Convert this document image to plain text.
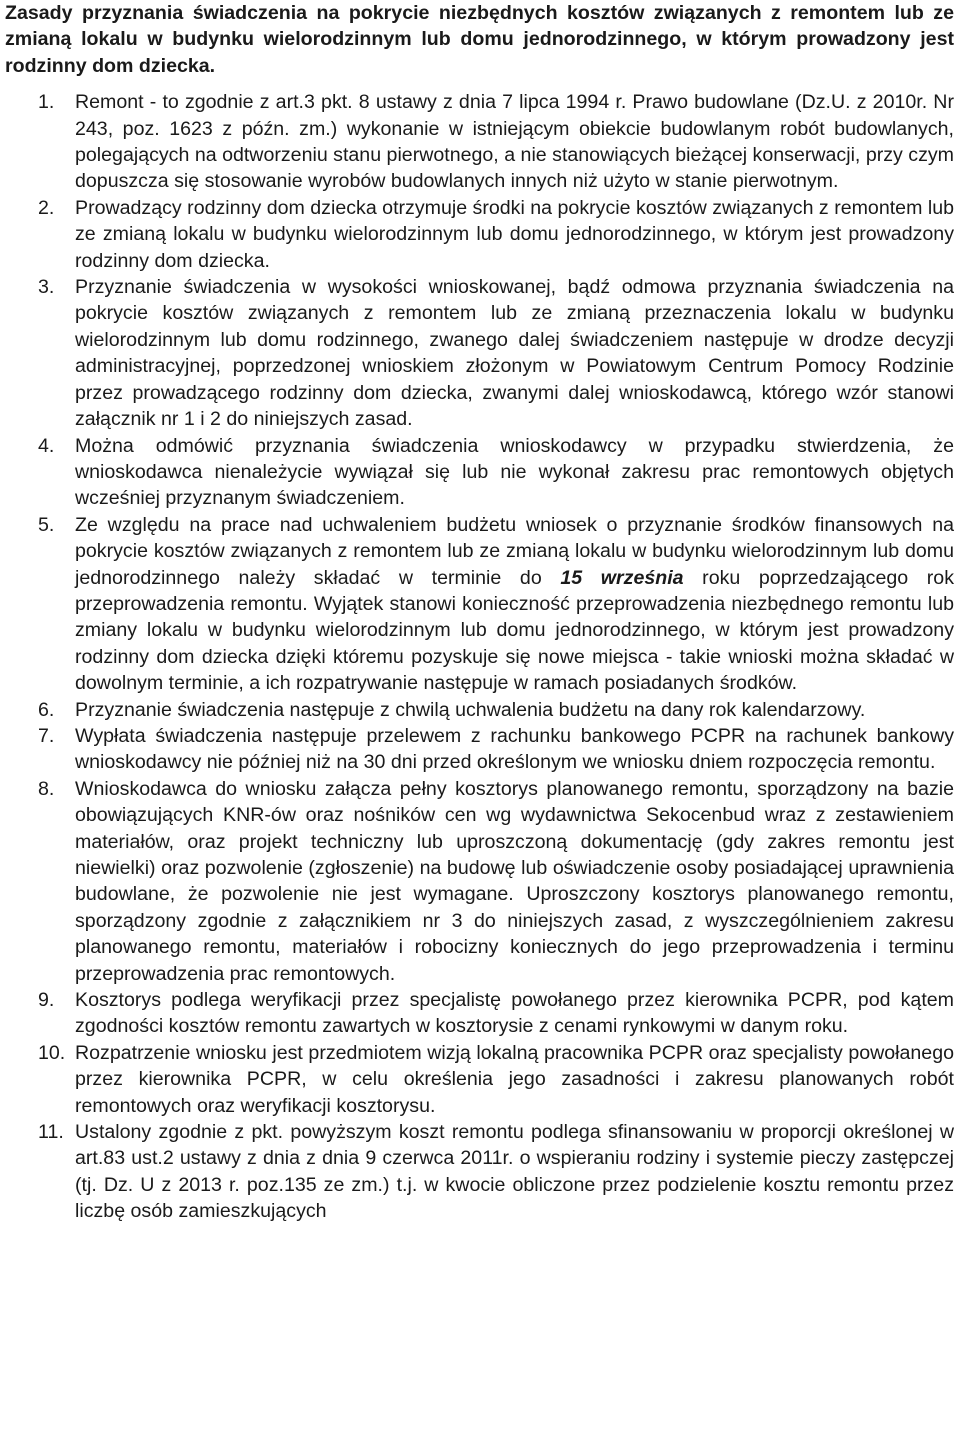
Zasady przyznania świadczenia na pokrycie niezbędnych kosztów związanych z remontem lub ze zmianą lokalu w budynku wielorodzinnym lub domu jednorodzinnego, w którym prowadzony jest rodzinny dom dziecka.
1.	Remont - to zgodnie z art.3 pkt. 8 ustawy z dnia 7 lipca 1994 r. Prawo budowlane (Dz.U. z 2010r. Nr 243, poz. 1623 z późn. zm.) wykonanie w istniejącym obiekcie budowlanym robót budowlanych, polegających na odtworzeniu stanu pierwotnego, a nie stanowiących bieżącej konserwacji, przy czym dopuszcza się stosowanie wyrobów budowlanych innych niż użyto w stanie pierwotnym.
2.	Prowadzący rodzinny dom dziecka otrzymuje środki na pokrycie kosztów związanych z remontem lub ze zmianą lokalu w budynku wielorodzinnym lub domu jednorodzinnego, w którym jest prowadzony rodzinny dom dziecka.
3.	Przyznanie świadczenia w wysokości wnioskowanej, bądź odmowa przyznania świadczenia na pokrycie kosztów związanych z remontem lub ze zmianą przeznaczenia lokalu w budynku wielorodzinnym lub domu rodzinnego, zwanego dalej świadczeniem następuje w drodze decyzji administracyjnej, poprzedzonej wnioskiem złożonym w Powiatowym Centrum Pomocy Rodzinie przez prowadzącego rodzinny dom dziecka, zwanymi dalej wnioskodawcą, którego wzór stanowi załącznik nr 1 i 2 do niniejszych zasad.
4.	Można odmówić przyznania świadczenia wnioskodawcy w przypadku stwierdzenia, że wnioskodawca nienależycie wywiązał się lub nie wykonał zakresu prac remontowych objętych wcześniej przyznanym świadczeniem.
5.	Ze względu na prace nad uchwaleniem budżetu wniosek o przyznanie środków finansowych na pokrycie kosztów związanych z remontem lub ze zmianą lokalu w budynku wielorodzinnym lub domu jednorodzinnego należy składać w terminie do 15 września roku poprzedzającego rok przeprowadzenia remontu. Wyjątek stanowi konieczność przeprowadzenia niezbędnego remontu lub zmiany lokalu w budynku wielorodzinnym lub domu jednorodzinnego, w którym jest prowadzony rodzinny dom dziecka dzięki któremu pozyskuje się nowe miejsca - takie wnioski można składać w dowolnym terminie, a ich rozpatrywanie następuje w ramach posiadanych środków.
6.	Przyznanie świadczenia następuje z chwilą uchwalenia budżetu na dany rok kalendarzowy.
7.	Wypłata świadczenia następuje przelewem z rachunku bankowego PCPR na rachunek bankowy wnioskodawcy nie później niż na 30 dni przed określonym we wniosku dniem rozpoczęcia remontu.
8.	Wnioskodawca do wniosku załącza pełny kosztorys planowanego remontu, sporządzony na bazie obowiązujących KNR-ów oraz nośników cen wg wydawnictwa Sekocenbud wraz z zestawieniem materiałów, oraz projekt techniczny lub uproszczoną dokumentację (gdy zakres remontu jest niewielki) oraz pozwolenie (zgłoszenie) na budowę lub oświadczenie osoby posiadającej uprawnienia budowlane, że pozwolenie nie jest wymagane. Uproszczony kosztorys planowanego remontu, sporządzony zgodnie z załącznikiem nr 3 do niniejszych zasad, z wyszczególnieniem zakresu planowanego remontu, materiałów i robocizny koniecznych do jego przeprowadzenia i terminu przeprowadzenia prac remontowych.
9.	Kosztorys podlega weryfikacji przez specjalistę powołanego przez kierownika PCPR, pod kątem zgodności kosztów remontu zawartych w kosztorysie z cenami rynkowymi w danym roku.
10. Rozpatrzenie wniosku jest przedmiotem wizją lokalną pracownika PCPR oraz specjalisty powołanego przez kierownika PCPR, w celu określenia jego zasadności i zakresu planowanych robót remontowych oraz weryfikacji kosztorysu.
11. Ustalony zgodnie z pkt. powyższym koszt remontu podlega sfinansowaniu w proporcji określonej w art.83 ust.2 ustawy z dnia z dnia 9 czerwca 2011r. o wspieraniu rodziny i systemie pieczy zastępczej (tj. Dz. U z 2013 r. poz.135 ze zm.) t.j. w kwocie obliczone przez podzielenie kosztu remontu przez liczbę osób zamieszkujących
